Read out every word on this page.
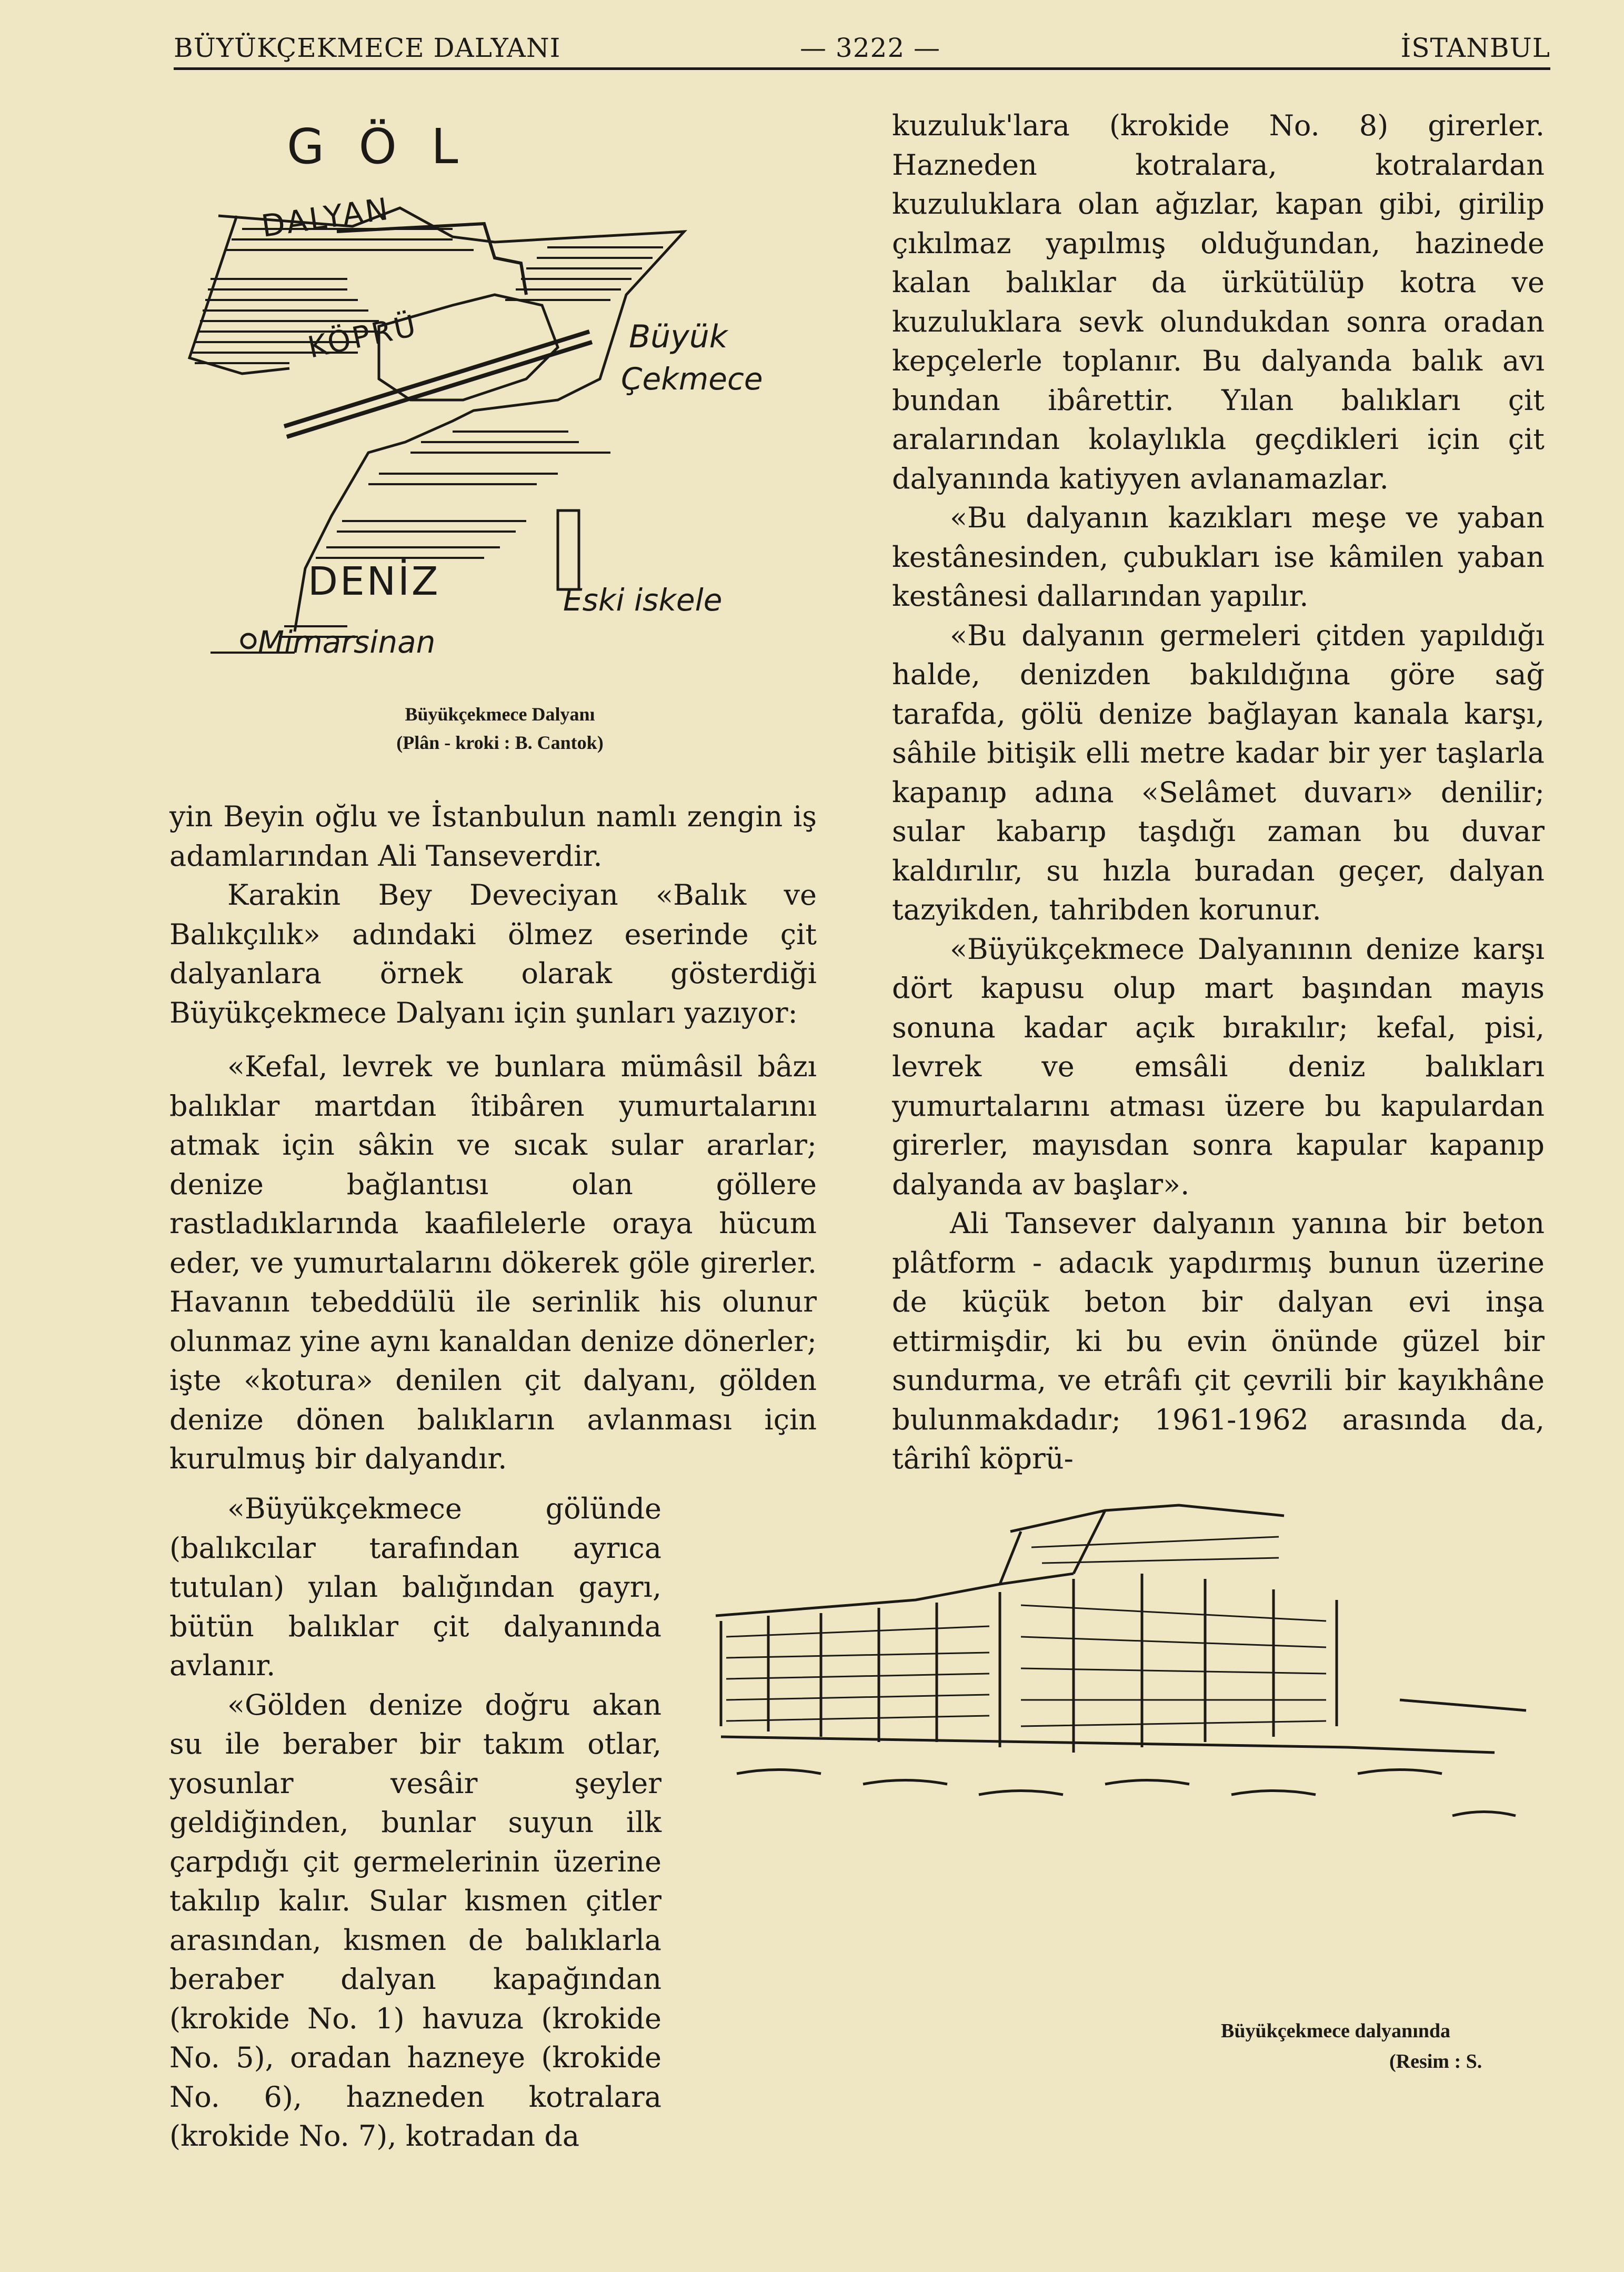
BÜYÜKÇEKMECE DALYANI	— 3222 —	İSTANBUL
G Ö L
DALYAN
KÖPRÜ	Büyük
Çekmece
DENİZ	Eski iskele
Mimarsinan
Büyükçekmece Dalyanı
(Plân - kroki : B. Cantok)

yin Beyin oğlu ve İstanbulun namlı zengin iş adamlarından Ali Tanseverdir.

Karakin Bey Deveciyan «Balık ve Balıkçılık» adındaki ölmez eserinde çit dalyanlara örnek olarak gösterdiği Büyükçekmece Dalyanı için şunları yazıyor:

«Kefal, levrek ve bunlara mümâsil bâzı balıklar martdan îtibâren yumurtalarını atmak için sâkin ve sıcak sular ararlar; denize bağlantısı olan göllere rastladıklarında kaafilelerle oraya hücum eder, ve yumurtalarını dökerek göle girerler. Havanın tebeddülü ile serinlik his olunur olunmaz yine aynı kanaldan denize dönerler; işte «kotura» denilen çit dalyanı, gölden denize dönen balıkların avlanması için kurulmuş bir dalyandır.

«Büyükçekmece gölünde (balıkcılar tarafından ayrıca tutulan) yılan balığından gayrı, bütün balıklar çit dalyanında avlanır.

«Gölden denize doğru akan su ile beraber bir takım otlar, yosunlar vesâir şeyler geldiğinden, bunlar suyun ilk çarpdığı çit germelerinin üzerine takılıp kalır. Sular kısmen çitler arasından, kısmen de balıklarla beraber dalyan kapağından (krokide No. 1) havuza (krokide No. 5), oradan hazneye (krokide No. 6), hazneden kotralara (krokide No. 7), kotradan da

kuzuluk'lara (krokide No. 8) girerler. Hazneden kotralara, kotralardan kuzuluklara olan ağızlar, kapan gibi, girilip çıkılmaz yapılmış olduğundan, hazinede kalan balıklar da ürkütülüp kotra ve kuzuluklara sevk olundukdan sonra oradan kepçelerle toplanır. Bu dalyanda balık avı bundan ibârettir. Yılan balıkları çit aralarından kolaylıkla geçdikleri için çit dalyanında katiyyen avlanamazlar.

«Bu dalyanın kazıkları meşe ve yaban kestânesinden, çubukları ise kâmilen yaban kestânesi dallarından yapılır.

«Bu dalyanın germeleri çitden yapıldığı halde, denizden bakıldığına göre sağ tarafda, gölü denize bağlayan kanala karşı, sâhile bitişik elli metre kadar bir yer taşlarla kapanıp adına «Selâmet duvarı» denilir; sular kabarıp taşdığı zaman bu duvar kaldırılır, su hızla buradan geçer, dalyan tazyikden, tahribden korunur.

«Büyükçekmece Dalyanının denize karşı dört kapusu olup mart başından mayıs sonuna kadar açık bırakılır; kefal, pisi, levrek ve emsâli deniz balıkları yumurtalarını atması üzere bu kapulardan girerler, mayısdan sonra kapular kapanıp dalyanda av başlar».

Ali Tansever dalyanın yanına bir beton plâtform - adacık yapdırmış bunun üzerine de küçük beton bir dalyan evi inşa ettirmişdir, ki bu evin önünde güzel bir sundurma, ve etrâfı çit çevrili bir kayıkhâne bulunmakdadır; 1961-1962 arasında da, târihî köprü-

Büyükçekmece dalyanında
(Resim : S.
